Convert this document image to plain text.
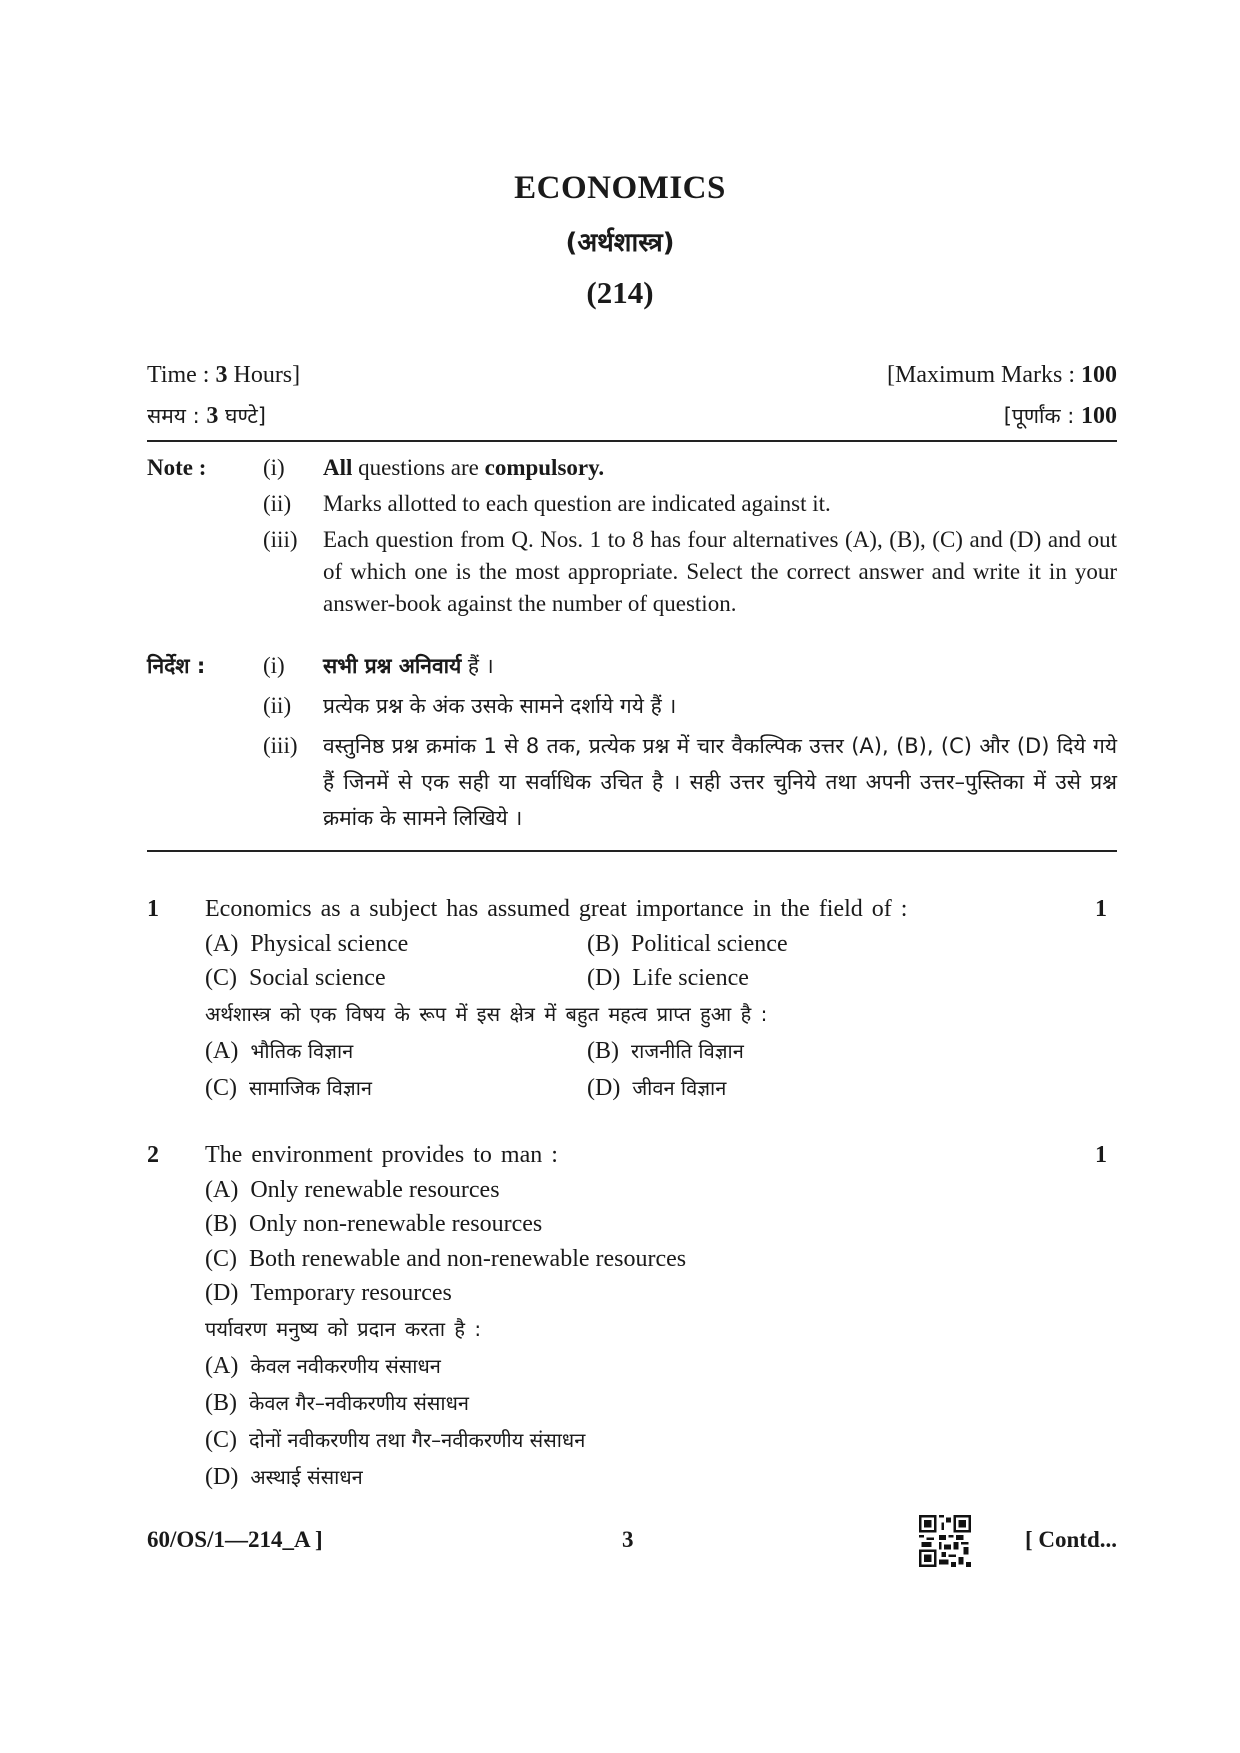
ECONOMICS
(अर्थशास्त्र)
(214)
Time : 3 Hours]	[Maximum Marks : 100
समय : 3 घण्टे]	[पूर्णांक : 100
Note : (i) All questions are compulsory.
(ii) Marks allotted to each question are indicated against it.
(iii) Each question from Q. Nos. 1 to 8 has four alternatives (A), (B), (C) and (D) and out of which one is the most appropriate. Select the correct answer and write it in your answer-book against the number of question.
निर्देश :	(i) सभी प्रश्न अनिवार्य हैं ।
(ii) प्रत्येक प्रश्न के अंक उसके सामने दर्शाये गये हैं ।
(iii) वस्तुनिष्ठ प्रश्न क्रमांक 1 से 8 तक, प्रत्येक प्रश्न में चार वैकल्पिक उत्तर (A), (B), (C) और (D) दिये गये हैं जिनमें से एक सही या सर्वाधिक उचित है । सही उत्तर चुनिये तथा अपनी उत्तर–पुस्तिका में उसे प्रश्न क्रमांक के सामने लिखिये ।
1	1
Economics as a subject has assumed great importance in the field of :
(A) Physical science	(B) Political science
(C) Social science	(D) Life science
अर्थशास्त्र को एक विषय के रूप में इस क्षेत्र में बहुत महत्व प्राप्त हुआ है :
(A) भौतिक विज्ञान	(B) राजनीति विज्ञान
(C) सामाजिक विज्ञान	(D) जीवन विज्ञान
2	1
The environment provides to man :
(A) Only renewable resources
(B) Only non-renewable resources
(C) Both renewable and non-renewable resources
(D) Temporary resources
पर्यावरण मनुष्य को प्रदान करता है :
(A) केवल नवीकरणीय संसाधन
(B) केवल गैर–नवीकरणीय संसाधन
(C) दोनों नवीकरणीय तथा गैर–नवीकरणीय संसाधन
(D) अस्थाई संसाधन
60/OS/1—214_A ]	3	[ Contd...
